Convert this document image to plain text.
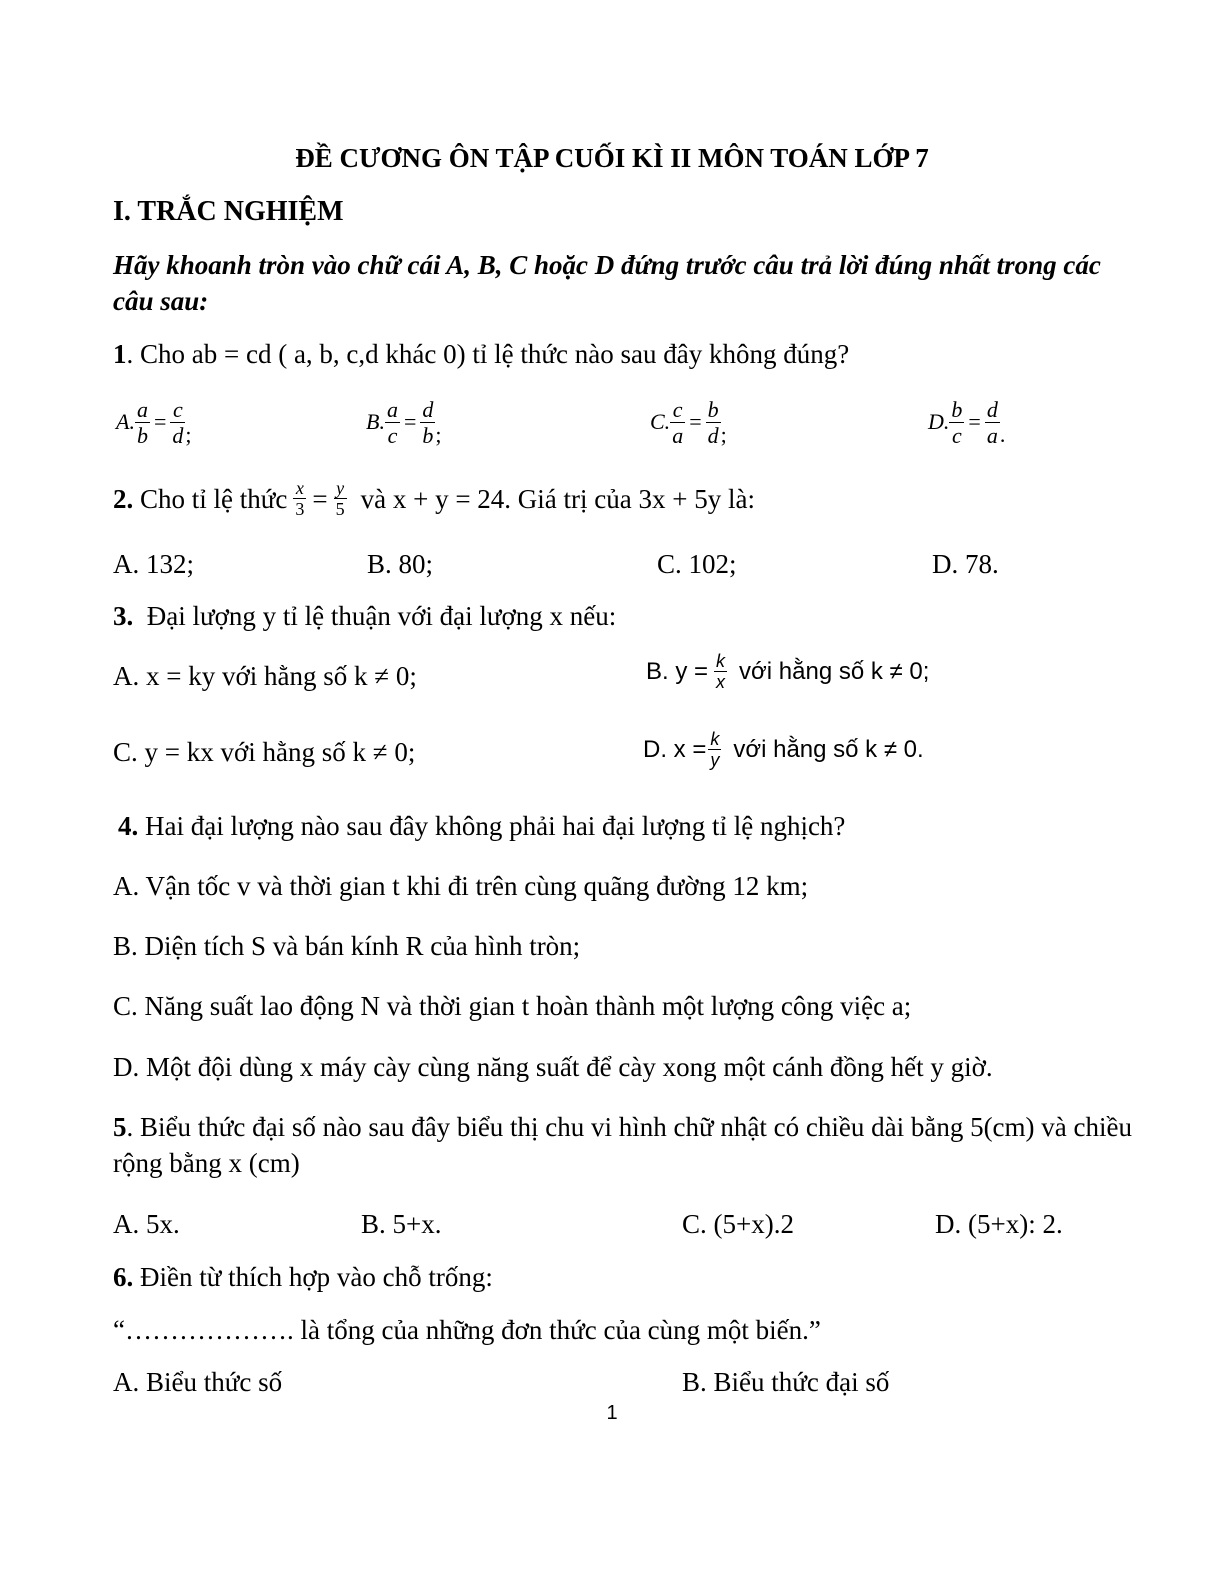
ĐỀ CƯƠNG ÔN TẬP CUỐI KÌ II MÔN TOÁN LỚP 7
I. TRẮC NGHIỆM
Hãy khoanh tròn vào chữ cái A, B, C hoặc D đứng trước câu trả lời đúng nhất trong các
câu sau:
1. Cho ab = cd ( a, b, c,d khác 0) tỉ lệ thức nào sau đây không đúng?
A. $\frac{a}{b} = \frac{c}{d}$ ;
B. $\frac{a}{c} = \frac{d}{b}$ ;
C. $\frac{c}{a} = \frac{b}{d}$ ;
D. $\frac{b}{c} = \frac{d}{a}$ .
2. Cho tỉ lệ thức $\frac{x}{3} = \frac{y}{5}$ và x + y = 24. Giá trị của 3x + 5y là:
A. 132;	B. 80;	C. 102;	D. 78.
3.  Đại lượng y tỉ lệ thuận với đại lượng x nếu:
A. x = ky với hằng số k ≠ 0;	B. $y = \frac{k}{x}$ với hằng số k ≠ 0;
C. y = kx với hằng số k ≠ 0;	D. $x = \frac{k}{y}$ với hằng số k ≠ 0.
4. Hai đại lượng nào sau đây không phải hai đại lượng tỉ lệ nghịch?
A. Vận tốc v và thời gian t khi đi trên cùng quãng đường 12 km;
B. Diện tích S và bán kính R của hình tròn;
C. Năng suất lao động N và thời gian t hoàn thành một lượng công việc a;
D. Một đội dùng x máy cày cùng năng suất để cày xong một cánh đồng hết y giờ.
5. Biểu thức đại số nào sau đây biểu thị chu vi hình chữ nhật có chiều dài bằng 5(cm) và chiều
rộng bằng x (cm)
A. 5x.	B. 5+x.	C. (5+x).2	D. (5+x): 2.
6. Điền từ thích hợp vào chỗ trống:
“………………. là tổng của những đơn thức của cùng một biến.”
A. Biểu thức số	B. Biểu thức đại số
1
